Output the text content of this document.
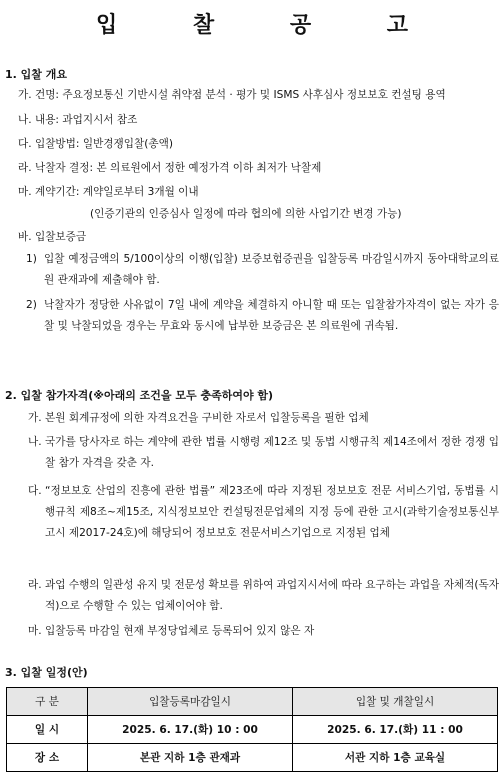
입 찰 공 고
1. 입찰 개요
가. 건명: 주요정보통신 기반시설 취약점 분석 · 평가 및 ISMS 사후심사 정보보호 컨설팅 용역
나. 내용: 과업지시서 참조
다. 입찰방법: 일반경쟁입찰(총액)
라. 낙찰자 결정: 본 의료원에서 정한 예정가격 이하 최저가 낙찰제
마. 계약기간: 계약일로부터 3개월 이내
(인증기관의 인증심사 일정에 따라 협의에 의한 사업기간 변경 가능)
바. 입찰보증금
1) 입찰 예정금액의 5/100이상의 이행(입찰) 보증보험증권을 입찰등록 마감일시까지 동아대학교의료원 관재과에 제출해야 함.
2) 낙찰자가 정당한 사유없이 7일 내에 계약을 체결하지 아니할 때 또는 입찰참가자격이 없는 자가 응찰 및 낙찰되었을 경우는 무효와 동시에 납부한 보증금은 본 의료원에 귀속됨.
2. 입찰 참가자격(※아래의 조건을 모두 충족하여야 함)
가. 본원 회계규정에 의한 자격요건을 구비한 자로서 입찰등록을 필한 업체
나. 국가를 당사자로 하는 계약에 관한 법률 시행령 제12조 및 동법 시행규칙 제14조에서 정한 경쟁 입찰 참가 자격을 갖춘 자.
다. “정보보호 산업의 진흥에 관한 법률” 제23조에 따라 지정된 정보보호 전문 서비스기업, 동법률 시행규칙 제8조~제15조, 지식정보보안 컨설팅전문업체의 지정 등에 관한 고시(과학기술정보통신부 고시 제2017-24호)에 해당되어 정보보호 전문서비스기업으로 지정된 업체
라. 과업 수행의 일관성 유지 및 전문성 확보를 위하여 과업지시서에 따라 요구하는 과업을 자체적(독자적)으로 수행할 수 있는 업체이어야 함.
마. 입찰등록 마감일 현재 부정당업체로 등록되어 있지 않은 자
3. 입찰 일정(안)
구 분	입찰등록마감일시	입찰 및 개찰일시
일 시	2025. 6. 17.(화) 10 : 00	2025. 6. 17.(화) 11 : 00
장 소	본관 지하 1층 관재과	서관 지하 1층 교육실
